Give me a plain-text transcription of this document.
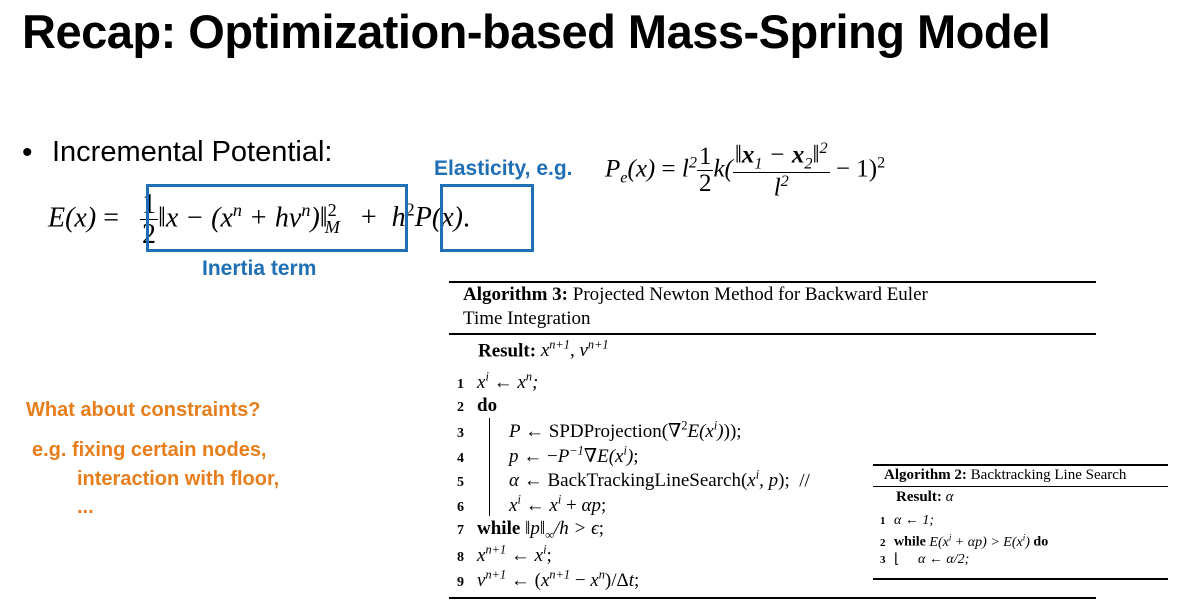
Recap: Optimization-based Mass-Spring Model
• Incremental Potential:
Elasticity, e.g. $P_e(x) = l^2 \frac{1}{2} k( \frac{‖x_1 - x_2‖^2}{l^2} - 1)^2$
$E(x) = \frac{1}{2}$ ‖x − ($x^n$ + $hv^n)‖^2_M + h^2P(x)$.
Inertia term
What about constraints?
e.g. fixing certain nodes,
interaction with floor,
...
Algorithm 3: Projected Newton Method for Backward Euler
Time Integration
Result: $x^{n+1}$, $v^{n+1}$
1 $x^i$ ← $x^n$;
2 do
3 P ← $SPDProjection(\nabla^2E(x^i))$);
4 p ← $-P^{-1}\nabla E(x^i)$;
5 α ← $BackTrackingLineSearch(x^i$, p); //
6 $x^i$ ← $x^i + \alpha p$;
7 while $‖p‖_\infty/h > \epsilon$;
8 $x^{n+1}$ ← $x^i$;
9 $v^{n+1}$ ← $(x^{n+1} - x^n)/\Delta t$;
Algorithm 2: Backtracking Line Search
Result: α
1 α ← 1;
2 while $E(x^i + \alpha p) > E(x^i)$ do
3 ⌊ α ← α/2;
